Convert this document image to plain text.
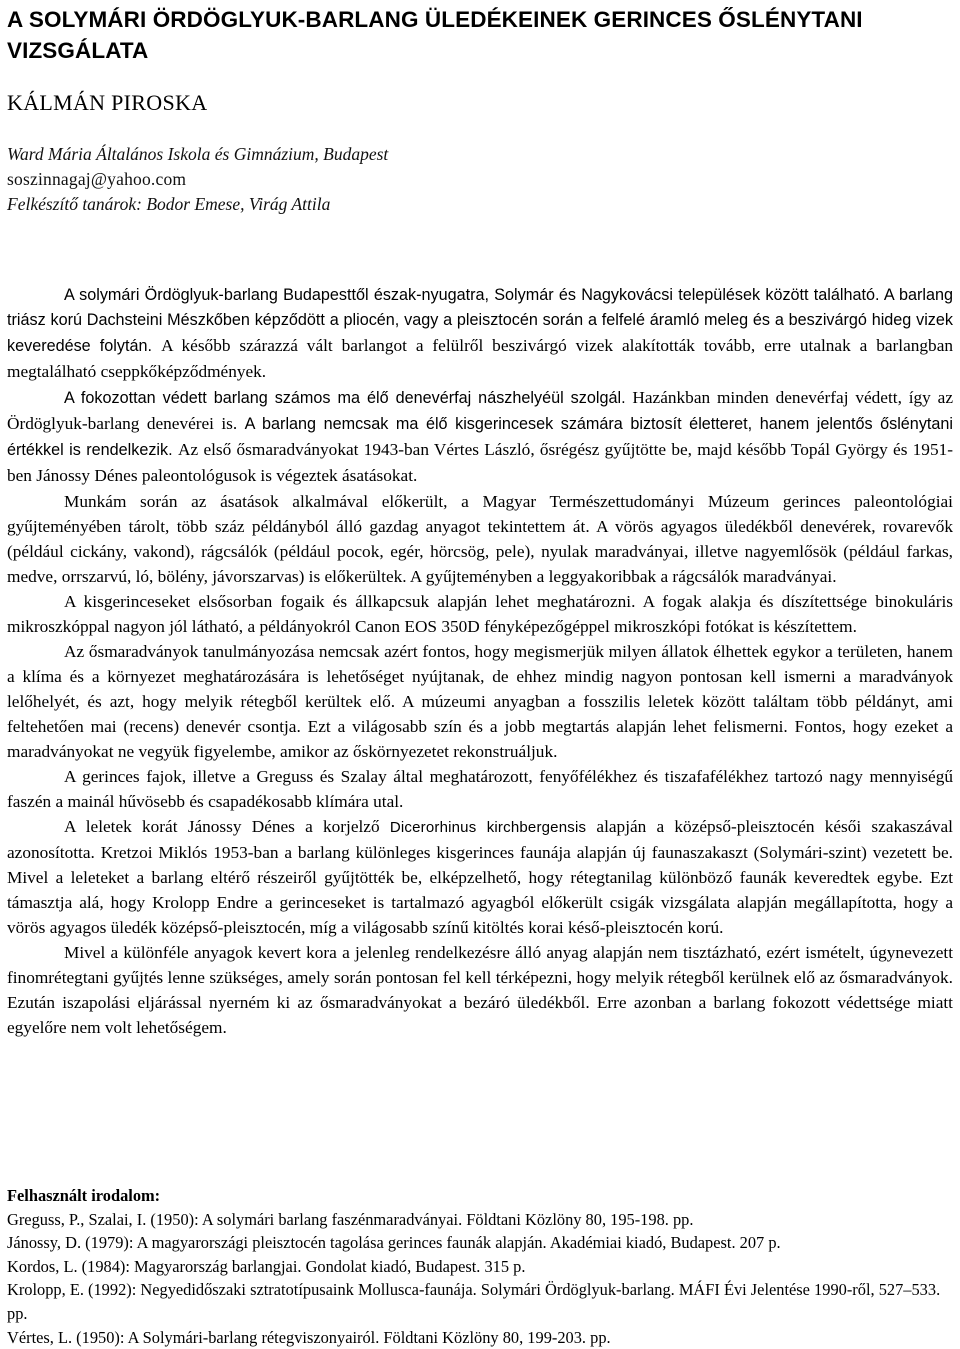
A SOLYMÁRI ÖRDÖGLYUK-BARLANG ÜLEDÉKEINEK GERINCES ŐSLÉNYTANI VIZSGÁLATA

KÁLMÁN PIROSKA

Ward Mária Általános Iskola és Gimnázium, Budapest
soszinnagaj@yahoo.com
Felkészítő tanárok: Bodor Emese, Virág Attila

A solymári Ördöglyuk-barlang Budapesttől észak-nyugatra, Solymár és Nagykovácsi települések között található. A barlang triász korú Dachsteini Mészkőben képződött a pliocén, vagy a pleisztocén során a felfelé áramló meleg és a beszivárgó hideg vizek keveredése folytán. A később szárazzá vált barlangot a felülről beszivárgó vizek alakították tovább, erre utalnak a barlangban megtalálható cseppkőképződmények.

A fokozottan védett barlang számos ma élő denevérfaj nászhelyéül szolgál. Hazánkban minden denevérfaj védett, így az Ördöglyuk-barlang denevérei is. A barlang nemcsak ma élő kisgerincesek számára biztosít életteret, hanem jelentős őslénytani értékkel is rendelkezik. Az első ősmaradványokat 1943-ban Vértes László, ősrégész gyűjtötte be, majd később Topál György és 1951-ben Jánossy Dénes paleontológusok is végeztek ásatásokat.

Munkám során az ásatások alkalmával előkerült, a Magyar Természettudományi Múzeum gerinces paleontológiai gyűjteményében tárolt, több száz példányból álló gazdag anyagot tekintettem át. A vörös agyagos üledékből denevérek, rovarevők (például cickány, vakond), rágcsálók (például pocok, egér, hörcsög, pele), nyulak maradványai, illetve nagyemlősök (például farkas, medve, orrszarvú, ló, bölény, jávorszarvas) is előkerültek. A gyűjteményben a leggyakoribbak a rágcsálók maradványai.

A kisgerinceseket elsősorban fogaik és állkapcsuk alapján lehet meghatározni. A fogak alakja és díszítettsége binokuláris mikroszkóppal nagyon jól látható, a példányokról Canon EOS 350D fényképezőgéppel mikroszkópi fotókat is készítettem.

Az ősmaradványok tanulmányozása nemcsak azért fontos, hogy megismerjük milyen állatok élhettek egykor a területen, hanem a klíma és a környezet meghatározására is lehetőséget nyújtanak, de ehhez mindig nagyon pontosan kell ismerni a maradványok lelőhelyét, és azt, hogy melyik rétegből kerültek elő. A múzeumi anyagban a fosszilis leletek között találtam több példányt, ami feltehetően mai (recens) denevér csontja. Ezt a világosabb szín és a jobb megtartás alapján lehet felismerni. Fontos, hogy ezeket a maradványokat ne vegyük figyelembe, amikor az őskörnyezetet rekonstruáljuk.

A gerinces fajok, illetve a Greguss és Szalay által meghatározott, fenyőfélékhez és tiszafafélékhez tartozó nagy mennyiségű faszén a mainál hűvösebb és csapadékosabb klímára utal.

A leletek korát Jánossy Dénes a korjelző Dicerorhinus kirchbergensis alapján a középső-pleisztocén késői szakaszával azonosította. Kretzoi Miklós 1953-ban a barlang különleges kisgerinces faunája alapján új faunaszakaszt (Solymári-szint) vezetett be. Mivel a leleteket a barlang eltérő részeiről gyűjtötték be, elképzelhető, hogy rétegtanilag különböző faunák keveredtek egybe. Ezt támasztja alá, hogy Krolopp Endre a gerinceseket is tartalmazó agyagból előkerült csigák vizsgálata alapján megállapította, hogy a vörös agyagos üledék középső-pleisztocén, míg a világosabb színű kitöltés korai késő-pleisztocén korú.

Mivel a különféle anyagok kevert kora a jelenleg rendelkezésre álló anyag alapján nem tisztázható, ezért ismételt, úgynevezett finomrétegtani gyűjtés lenne szükséges, amely során pontosan fel kell térképezni, hogy melyik rétegből kerülnek elő az ősmaradványok. Ezután iszapolási eljárással nyerném ki az ősmaradványokat a bezáró üledékből. Erre azonban a barlang fokozott védettsége miatt egyelőre nem volt lehetőségem.

Felhasznált irodalom:

Greguss, P., Szalai, I. (1950): A solymári barlang faszénmaradványai. Földtani Közlöny 80, 195-198. pp.

Jánossy, D. (1979): A magyarországi pleisztocén tagolása gerinces faunák alapján. Akadémiai kiadó, Budapest. 207 p.

Kordos, L. (1984): Magyarország barlangjai. Gondolat kiadó, Budapest. 315 p.

Krolopp, E. (1992): Negyedidőszaki sztratotípusaink Mollusca-faunája. Solymári Ördöglyuk-barlang. MÁFI Évi Jelentése 1990-ről, 527–533. pp.

Vértes, L. (1950): A Solymári-barlang rétegviszonyairól. Földtani Közlöny 80, 199-203. pp.
